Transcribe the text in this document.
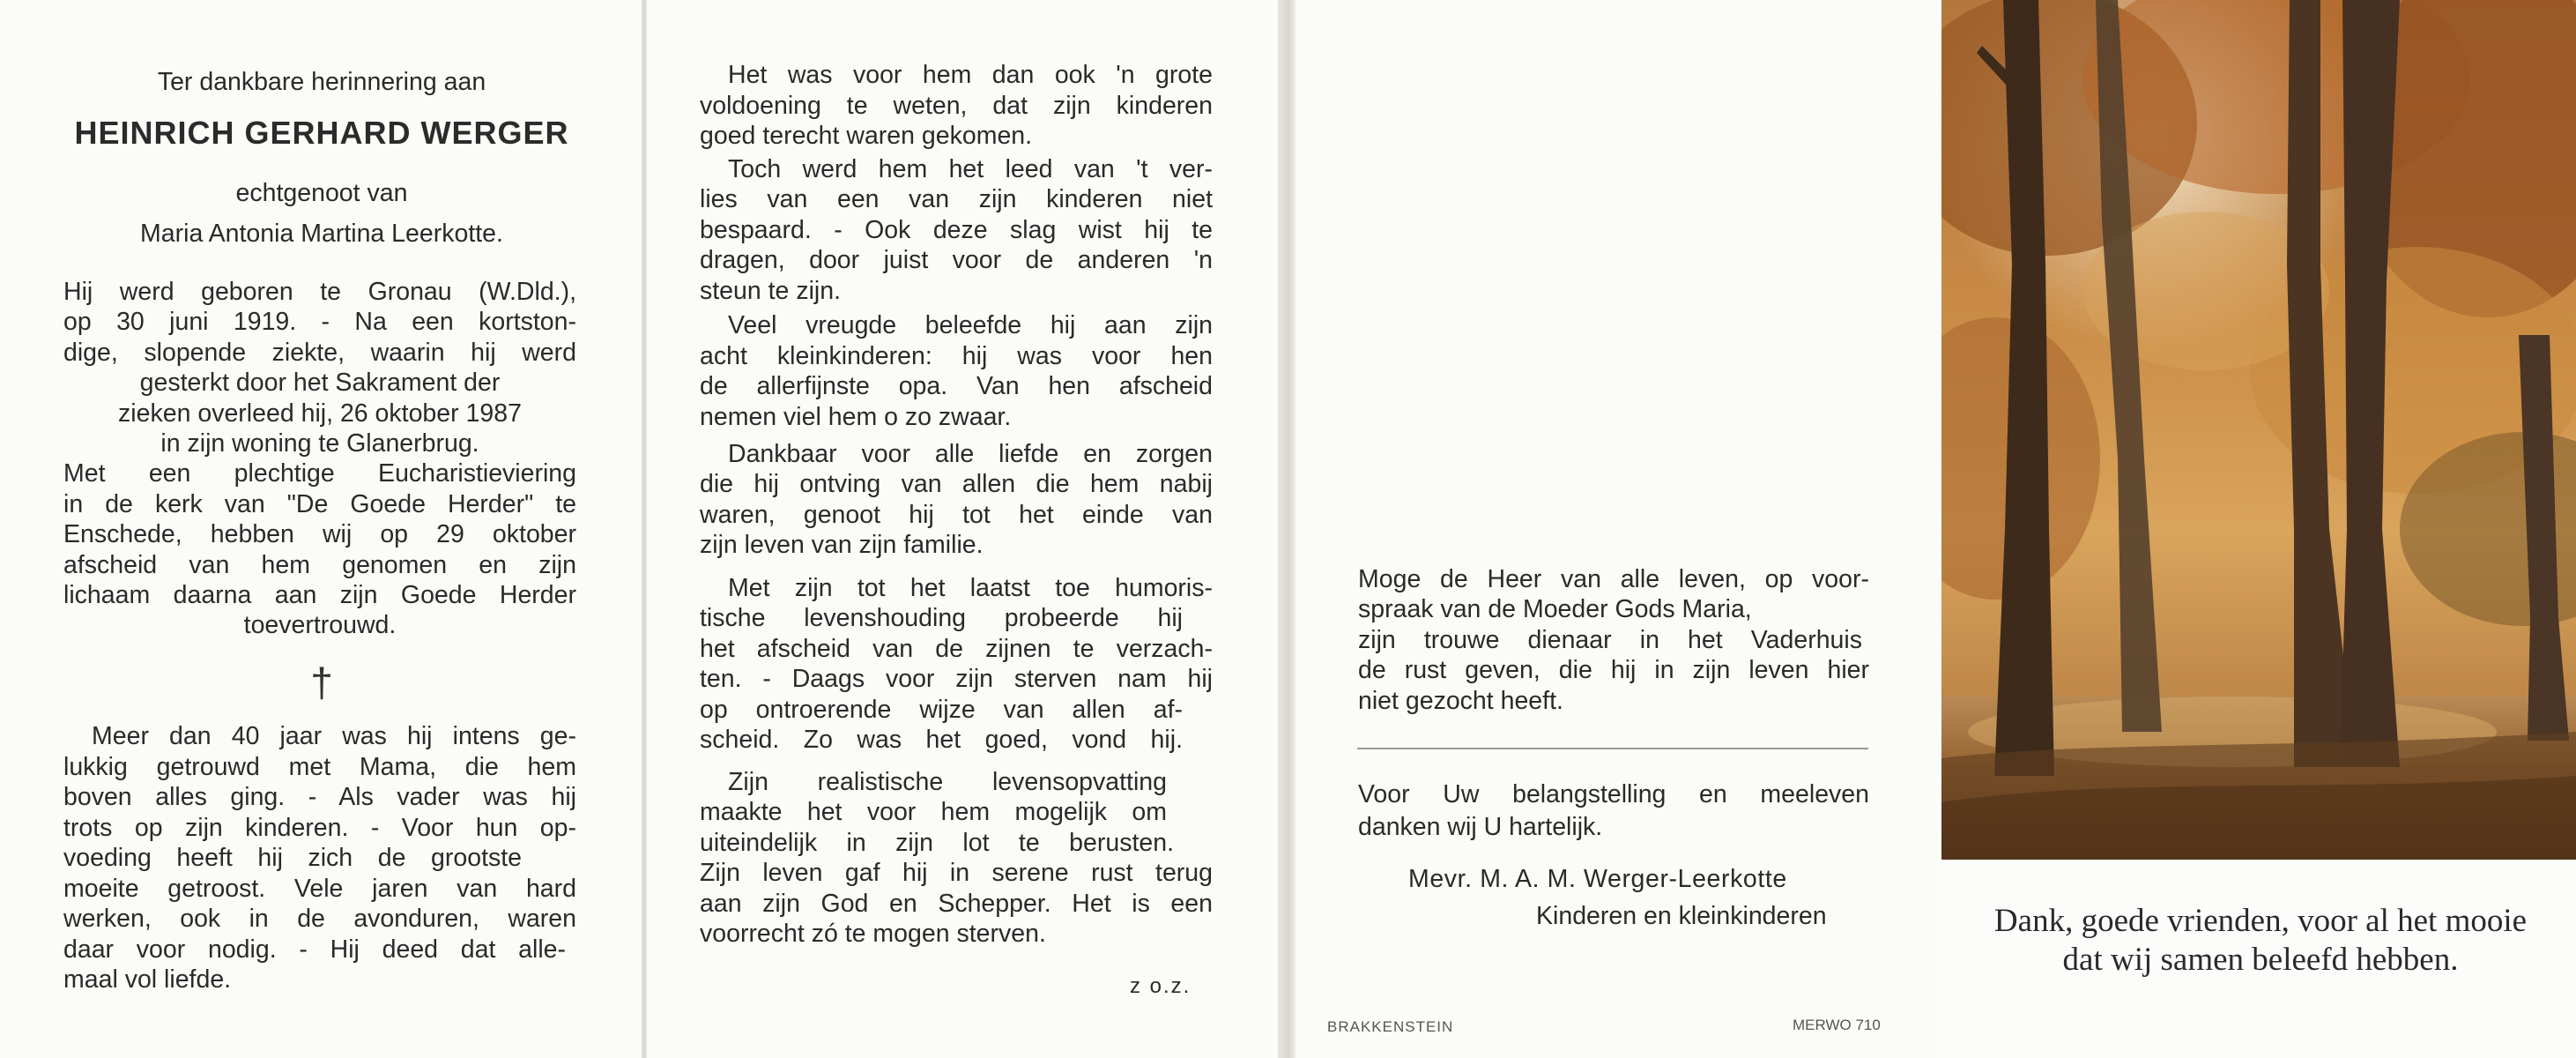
Ter dankbare herinnering aan
HEINRICH GERHARD WERGER
echtgenoot van
Maria Antonia Martina Leerkotte.
Hij werd geboren te Gronau (W.Dld.),
op 30 juni 1919. - Na een kortston-
dige, slopende ziekte, waarin hij werd
gesterkt door het Sakrament der
zieken overleed hij, 26 oktober 1987
in zijn woning te Glanerbrug.
Met een plechtige Eucharistieviering
in de kerk van "De Goede Herder" te
Enschede, hebben wij op 29 oktober
afscheid van hem genomen en zijn
lichaam daarna aan zijn Goede Herder
toevertrouwd.
†
Meer dan 40 jaar was hij intens ge-
lukkig getrouwd met Mama, die hem
boven alles ging. - Als vader was hij
trots op zijn kinderen. - Voor hun op-
voeding heeft hij zich de grootste
moeite getroost. Vele jaren van hard
werken, ook in de avonduren, waren
daar voor nodig. - Hij deed dat alle-
maal vol liefde.
Het was voor hem dan ook 'n grote
voldoening te weten, dat zijn kinderen
goed terecht waren gekomen.
Toch werd hem het leed van 't ver-
lies van een van zijn kinderen niet
bespaard. - Ook deze slag wist hij te
dragen, door juist voor de anderen 'n
steun te zijn.
Veel vreugde beleefde hij aan zijn
acht kleinkinderen: hij was voor hen
de allerfijnste opa. Van hen afscheid
nemen viel hem o zo zwaar.
Dankbaar voor alle liefde en zorgen
die hij ontving van allen die hem nabij
waren, genoot hij tot het einde van
zijn leven van zijn familie.
Met zijn tot het laatst toe humoris-
tische levenshouding probeerde hij
het afscheid van de zijnen te verzach-
ten. - Daags voor zijn sterven nam hij
op ontroerende wijze van allen af-
scheid. Zo was het goed, vond hij.
Zijn realistische levensopvatting
maakte het voor hem mogelijk om
uiteindelijk in zijn lot te berusten.
Zijn leven gaf hij in serene rust terug
aan zijn God en Schepper. Het is een
voorrecht zó te mogen sterven.
z o.z.
Moge de Heer van alle leven, op voor-
spraak van de Moeder Gods Maria,
zijn trouwe dienaar in het Vaderhuis
de rust geven, die hij in zijn leven hier
niet gezocht heeft.
Voor Uw belangstelling en meeleven
danken wij U hartelijk.
Mevr. M. A. M. Werger-Leerkotte
Kinderen en kleinkinderen
BRAKKENSTEIN	MERWO 710
Dank, goede vrienden, voor al het mooie
dat wij samen beleefd hebben.
